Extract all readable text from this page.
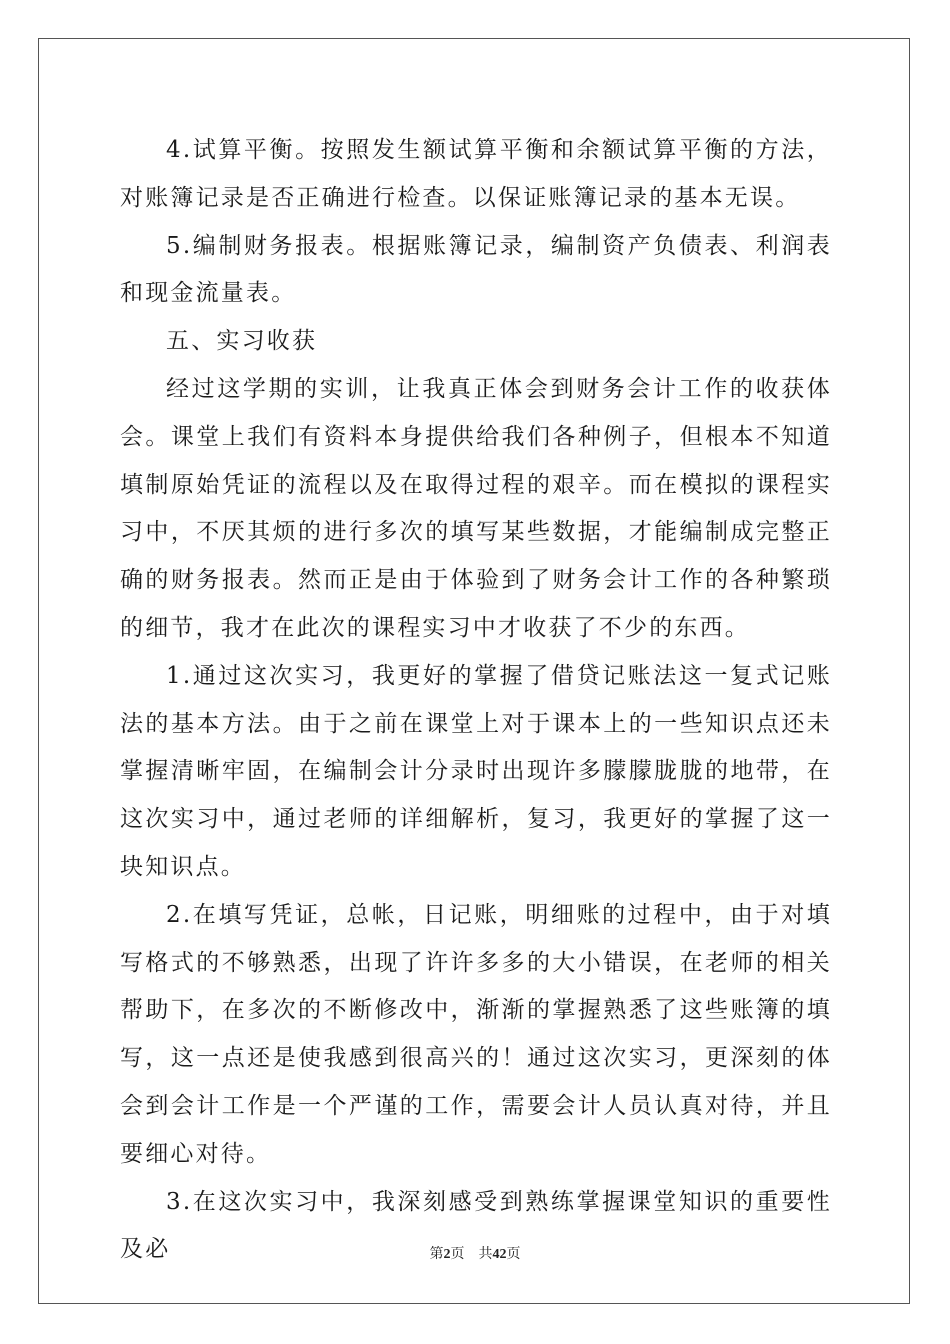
4.试算平衡。按照发生额试算平衡和余额试算平衡的方法，对账簿记录是否正确进行检查。以保证账簿记录的基本无误。

5.编制财务报表。根据账簿记录，编制资产负债表、利润表和现金流量表。

五、实习收获

经过这学期的实训，让我真正体会到财务会计工作的收获体会。课堂上我们有资料本身提供给我们各种例子，但根本不知道填制原始凭证的流程以及在取得过程的艰辛。而在模拟的课程实习中，不厌其烦的进行多次的填写某些数据，才能编制成完整正确的财务报表。然而正是由于体验到了财务会计工作的各种繁琐的细节，我才在此次的课程实习中才收获了不少的东西。

1.通过这次实习，我更好的掌握了借贷记账法这一复式记账法的基本方法。由于之前在课堂上对于课本上的一些知识点还未掌握清晰牢固，在编制会计分录时出现许多朦朦胧胧的地带，在这次实习中，通过老师的详细解析，复习，我更好的掌握了这一块知识点。

2.在填写凭证，总帐，日记账，明细账的过程中，由于对填写格式的不够熟悉，出现了许许多多的大小错误，在老师的相关帮助下，在多次的不断修改中，渐渐的掌握熟悉了这些账簿的填写，这一点还是使我感到很高兴的！通过这次实习，更深刻的体会到会计工作是一个严谨的工作，需要会计人员认真对待，并且要细心对待。

3.在这次实习中，我深刻感受到熟练掌握课堂知识的重要性及必	第2页 共42页
